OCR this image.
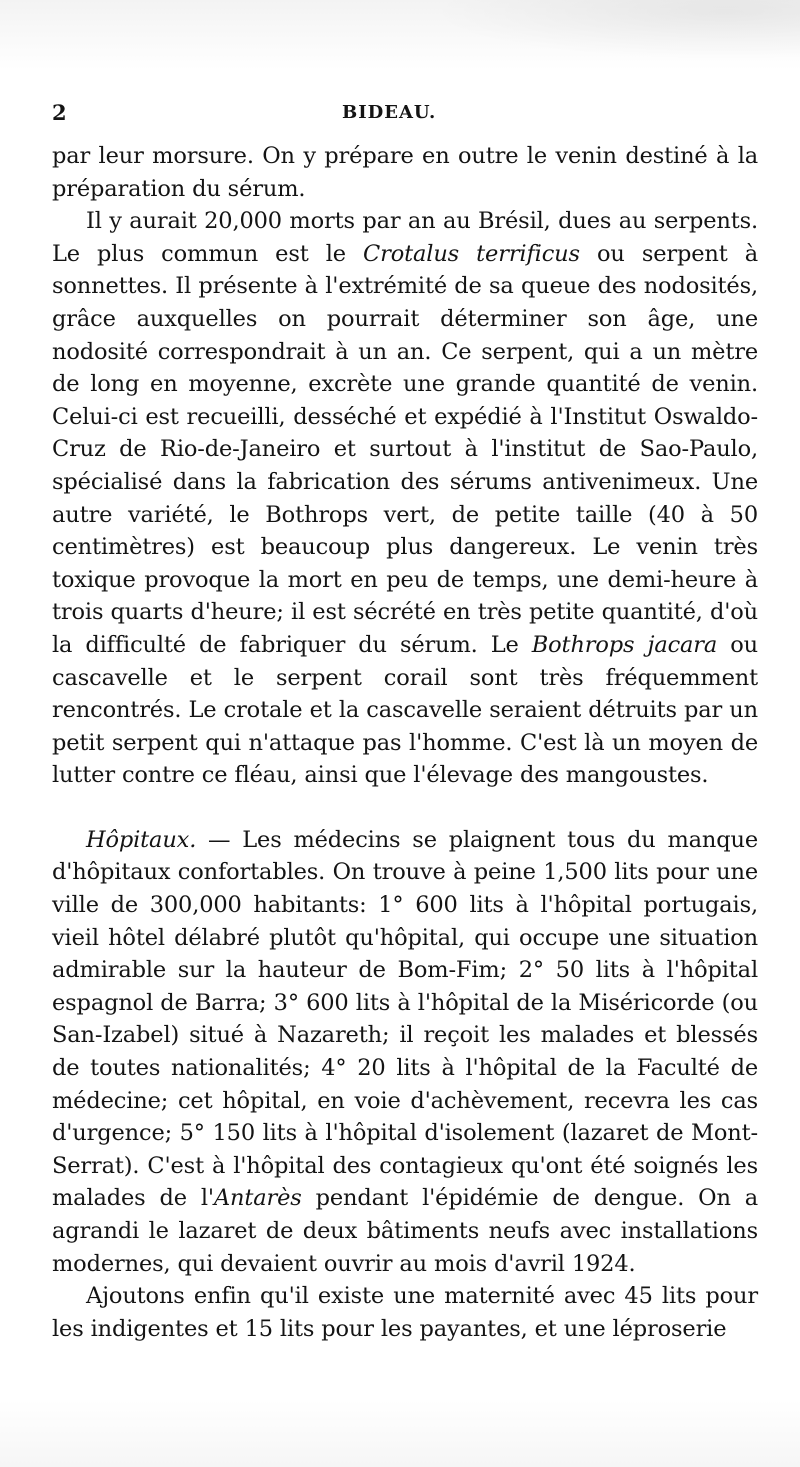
2	BIDEAU.

par leur morsure. On y prépare en outre le venin destiné à la préparation du sérum.

Il y aurait 20,000 morts par an au Brésil, dues au serpents. Le plus commun est le Crotalus terrificus ou serpent à sonnettes. Il présente à l'extrémité de sa queue des nodosités, grâce auxquelles on pourrait déterminer son âge, une nodosité correspondrait à un an. Ce serpent, qui a un mètre de long en moyenne, excrète une grande quantité de venin. Celui-ci est recueilli, desséché et expédié à l'Institut Oswaldo-Cruz de Rio-de-Janeiro et surtout à l'institut de Sao-Paulo, spécialisé dans la fabrication des sérums antivenimeux. Une autre variété, le Bothrops vert, de petite taille (40 à 50 centimètres) est beaucoup plus dangereux. Le venin très toxique provoque la mort en peu de temps, une demi-heure à trois quarts d'heure; il est sécrété en très petite quantité, d'où la difficulté de fabriquer du sérum. Le Bothrops jacara ou cascavelle et le serpent corail sont très fréquemment rencontrés. Le crotale et la cascavelle seraient détruits par un petit serpent qui n'attaque pas l'homme. C'est là un moyen de lutter contre ce fléau, ainsi que l'élevage des mangoustes.

Hôpitaux. — Les médecins se plaignent tous du manque d'hôpitaux confortables. On trouve à peine 1,500 lits pour une ville de 300,000 habitants: 1° 600 lits à l'hôpital portugais, vieil hôtel délabré plutôt qu'hôpital, qui occupe une situation admirable sur la hauteur de Bom-Fim; 2° 50 lits à l'hôpital espagnol de Barra; 3° 600 lits à l'hôpital de la Miséricorde (ou San-Izabel) situé à Nazareth; il reçoit les malades et blessés de toutes nationalités; 4° 20 lits à l'hôpital de la Faculté de médecine; cet hôpital, en voie d'achèvement, recevra les cas d'urgence; 5° 150 lits à l'hôpital d'isolement (lazaret de Mont-Serrat). C'est à l'hôpital des contagieux qu'ont été soignés les malades de l'Antarès pendant l'épidémie de dengue. On a agrandi le lazaret de deux bâtiments neufs avec installations modernes, qui devaient ouvrir au mois d'avril 1924.

Ajoutons enfin qu'il existe une maternité avec 45 lits pour les indigentes et 15 lits pour les payantes, et une léproserie
